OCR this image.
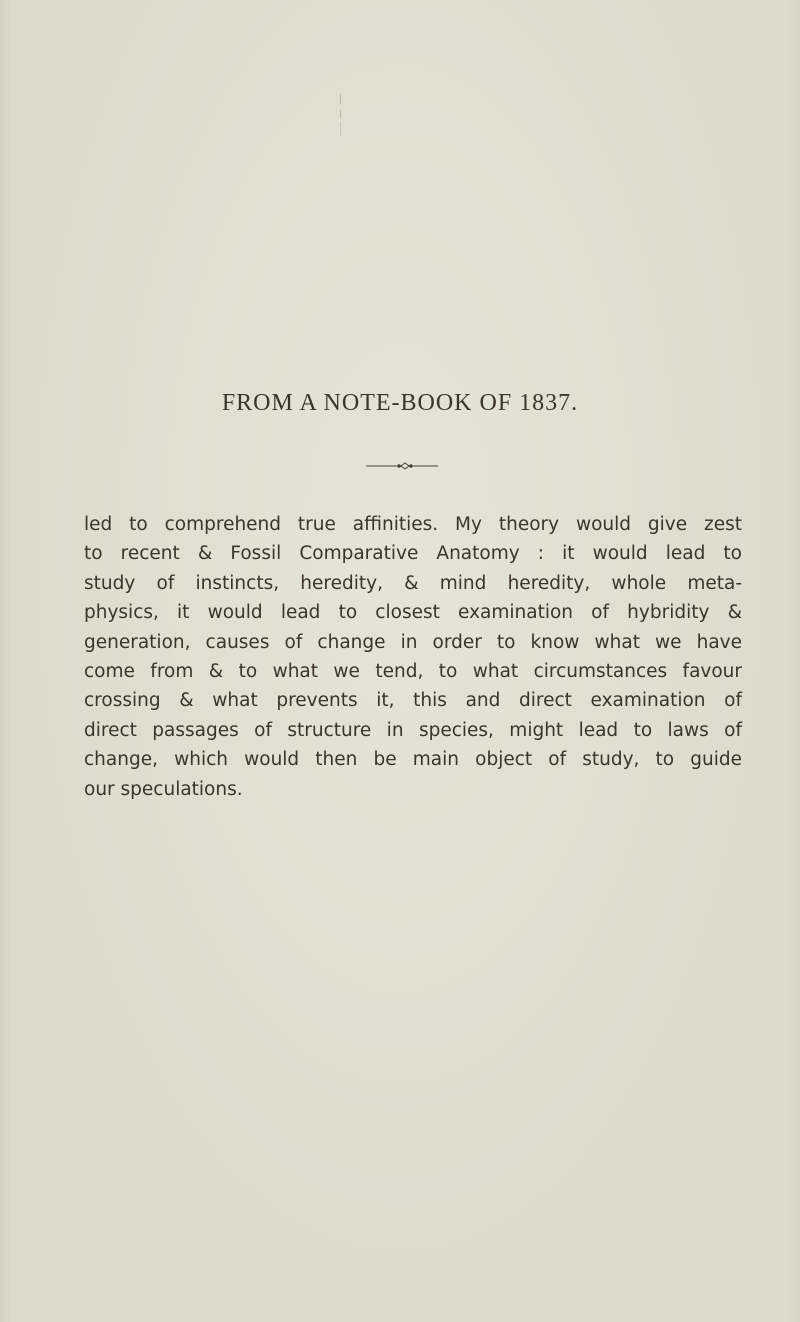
FROM A NOTE-BOOK OF 1837.
led to comprehend true affinities. My theory would give zest
to recent & Fossil Comparative Anatomy : it would lead to
study of instincts, heredity, & mind heredity, whole meta-
physics, it would lead to closest examination of hybridity &
generation, causes of change in order to know what we have
come from & to what we tend, to what circumstances favour
crossing & what prevents it, this and direct examination of
direct passages of structure in species, might lead to laws of
change, which would then be main object of study, to guide
our speculations.
